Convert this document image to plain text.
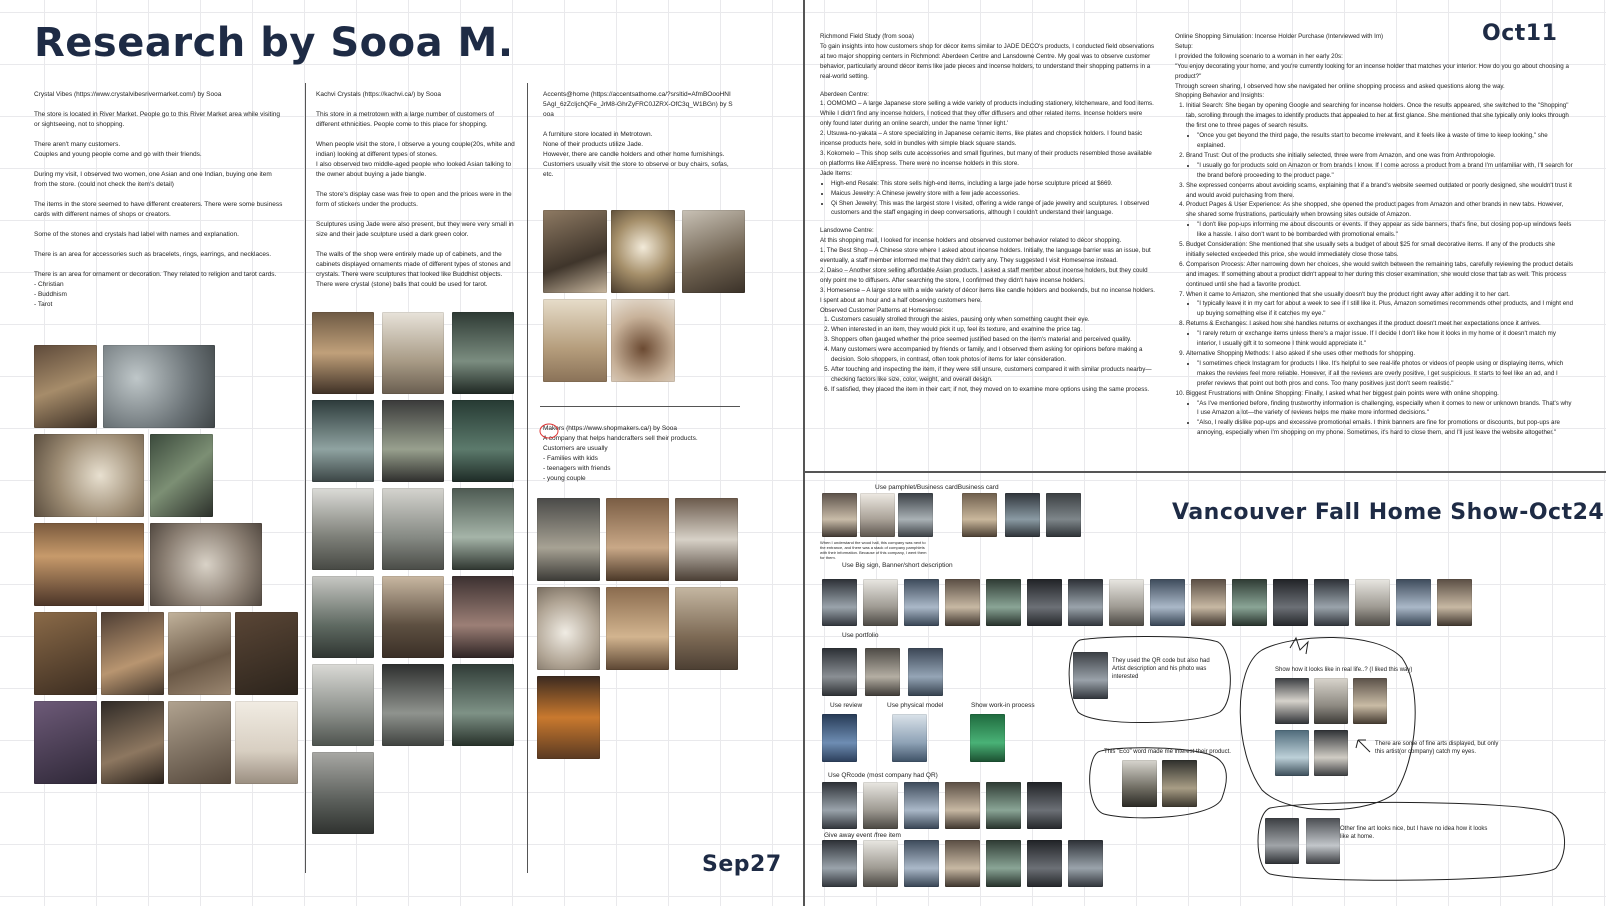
Research by Sooa M.
Sep27
Oct11
Vancouver Fall Home Show-Oct24

Crystal Vibes (https://www.crystalvibesrivermarket.com/) by Sooa

The store is located in River Market. People go to this River Market area while visiting or sightseeing, not to shopping.

There aren't many customers.

Couples and young people come and go with their friends.

During my visit, I observed two women, one Asian and one Indian, buying one item from the store. (could not check the item's detail)

The items in the store seemed to have different createrers. There were some business cards with different names of shops or creators.

Some of the stones and crystals had label with names and explanation.

There is an area for accessories such as bracelets, rings, earrings, and necklaces.

There is an area for ornament or decoration. They related to religion and tarot cards.

- Christian

- Buddhism

- Tarot

Kachvi Crystals (https://kachvi.ca/) by Sooa

This store in a metrotown with a large number of customers of different ethnicities. People come to this place for shopping.

When people visit the store, I observe a young couple(20s, white and indian) looking at different types of stones.

I also observed two middle-aged people who looked Asian talking to the owner about buying a jade bangle.

The store's display case was free to open and the prices were in the form of stickers under the products.

Sculptures using Jade were also present, but they were very small in size and their jade sculpture used a dark green color.

The walls of the shop were entirely made up of cabinets, and the cabinets displayed ornaments made of different types of stones and crystals. There were sculptures that looked like Buddhist objects. There were crystal (stone) balls that could be used for tarot.

Accents@home (https://accentsathome.ca/?srsltid=AfmBOooHNI5AgI_6zZcIjchQFe_JrM8-GhrZyFRC0JZRX-OfC3q_W1BGn) by Sooa

A furniture store located in Metrotown.

None of their products utilize Jade.

However, there are candle holders and other home furnishings.

Customers usually visit the store to observe or buy chairs, sofas, etc.

Makers (https://www.shopmakers.ca/) by Sooa

A company that helps handcrafters sell their products.

Customers are usually

- Families with kids

- teenagers with friends

- young couple

Richmond Field Study (from sooa)

To gain insights into how customers shop for décor items similar to JADE DECO's products, I conducted field observations at two major shopping centers in Richmond: Aberdeen Centre and Lansdowne Centre. My goal was to observe customer behavior, particularly around décor items like jade pieces and incense holders, to understand their shopping patterns in a real-world setting.

Aberdeen Centre:

1. OOMOMO – A large Japanese store selling a wide variety of products including stationery, kitchenware, and food items. While I didn't find any incense holders, I noticed that they offer diffusers and other related items. Incense holders were only found later during an online search, under the name 'Inner light.'

2. Utsuwa-no-yakata – A store specializing in Japanese ceramic items, like plates and chopstick holders. I found basic incense products here, sold in bundles with simple black square stands.

3. Kokomelo – This shop sells cute accessories and small figurines, but many of their products resembled those available on platforms like AliExpress. There were no incense holders in this store.

Jade Items:

• High-end Resale: This store sells high-end items, including a large jade horse sculpture priced at $669.
• Maicus Jewelry: A Chinese jewelry store with a few jade accessories.
• Qi Shen Jewelry: This was the largest store I visited, offering a wide range of jade jewelry and sculptures. I observed customers and the staff engaging in deep conversations, although I couldn't understand their language.

Lansdowne Centre:

At this shopping mall, I looked for incense holders and observed customer behavior related to décor shopping.

1. The Best Shop – A Chinese store where I asked about incense holders. Initially, the language barrier was an issue, but eventually, a staff member informed me that they didn't carry any. They suggested I visit Homesense instead.

2. Daiso – Another store selling affordable Asian products. I asked a staff member about incense holders, but they could only point me to diffusers. After searching the store, I confirmed they didn't have incense holders.

3. Homesense – A large store with a wide variety of décor items like candle holders and bookends, but no incense holders. I spent about an hour and a half observing customers here.

Observed Customer Patterns at Homesense:

1. Customers casually strolled through the aisles, pausing only when something caught their eye.
2. When interested in an item, they would pick it up, feel its texture, and examine the price tag.
3. Shoppers often gauged whether the price seemed justified based on the item's material and perceived quality.
4. Many customers were accompanied by friends or family, and I observed them asking for opinions before making a decision. Solo shoppers, in contrast, often took photos of items for later consideration.
5. After touching and inspecting the item, if they were still unsure, customers compared it with similar products nearby—checking factors like size, color, weight, and overall design.
6. If satisfied, they placed the item in their cart; if not, they moved on to examine more options using the same process.

Online Shopping Simulation: Incense Holder Purchase (Interviewed with Im)

Setup:

I provided the following scenario to a woman in her early 20s:

"You enjoy decorating your home, and you're currently looking for an incense holder that matches your interior. How do you go about choosing a product?"

Through screen sharing, I observed how she navigated her online shopping process and asked questions along the way.

Shopping Behavior and Insights:

1. Initial Search: She began by opening Google and searching for incense holders. Once the results appeared, she switched to the "Shopping" tab, scrolling through the images to identify products that appealed to her at first glance. She mentioned that she typically only looks through the first one to three pages of search results.
• "Once you get beyond the third page, the results start to become irrelevant, and it feels like a waste of time to keep looking," she explained.
2. Brand Trust: Out of the products she initially selected, three were from Amazon, and one was from Anthropologie.
• "I usually go for products sold on Amazon or from brands I know. If I come across a product from a brand I'm unfamiliar with, I'll search for the brand before proceeding to the product page."
3. She expressed concerns about avoiding scams, explaining that if a brand's website seemed outdated or poorly designed, she wouldn't trust it and would avoid purchasing from there.
4. Product Pages & User Experience: As she shopped, she opened the product pages from Amazon and other brands in new tabs. However, she shared some frustrations, particularly when browsing sites outside of Amazon.
• "I don't like pop-ups informing me about discounts or events. If they appear as side banners, that's fine, but closing pop-up windows feels like a hassle. I also don't want to be bombarded with promotional emails."
5. Budget Consideration: She mentioned that she usually sets a budget of about $25 for small decorative items. If any of the products she initially selected exceeded this price, she would immediately close those tabs.
6. Comparison Process: After narrowing down her choices, she would switch between the remaining tabs, carefully reviewing the product details and images. If something about a product didn't appeal to her during this closer examination, she would close that tab as well. This process continued until she had a favorite product.
7. When it came to Amazon, she mentioned that she usually doesn't buy the product right away after adding it to her cart.
• "I typically leave it in my cart for about a week to see if I still like it. Plus, Amazon sometimes recommends other products, and I might end up buying something else if it catches my eye."
8. Returns & Exchanges: I asked how she handles returns or exchanges if the product doesn't meet her expectations once it arrives.
• "I rarely return or exchange items unless there's a major issue. If I decide I don't like how it looks in my home or it doesn't match my interior, I usually gift it to someone I think would appreciate it."
9. Alternative Shopping Methods: I also asked if she uses other methods for shopping.
• "I sometimes check Instagram for products I like. It's helpful to see real-life photos or videos of people using or displaying items, which makes the reviews feel more reliable. However, if all the reviews are overly positive, I get suspicious. It starts to feel like an ad, and I prefer reviews that point out both pros and cons. Too many positives just don't seem realistic."
10. Biggest Frustrations with Online Shopping: Finally, I asked what her biggest pain points were with online shopping.
• "As I've mentioned before, finding trustworthy information is challenging, especially when it comes to new or unknown brands. That's why I use Amazon a lot—the variety of reviews helps me make more informed decisions."
• "Also, I really dislike pop-ups and excessive promotional emails. I think banners are fine for promotions or discounts, but pop-ups are annoying, especially when I'm shopping on my phone. Sometimes, it's hard to close them, and I'll just leave the website altogether."
Use pamphlet/Business cardBusiness card
When I understand the wood hall, this company was next to the entrance, and there was a stack of company pamphlets with their information. Because of this company, I went them for them.
Use Big sign, Banner/short description
Use portfolio
Use review	Use physical model	Show work-in process
Use QRcode (most company had QR)
Give away event /free item
They used the QR code but also had Artist description and his photo was interested
This "Eco" word made me interest their product.
Show how it looks like in real life..? (I liked this way)
There are some of fine arts displayed, but only this artist(or company) catch my eyes.
Other fine art looks nice, but I have no idea how it looks like at home.
